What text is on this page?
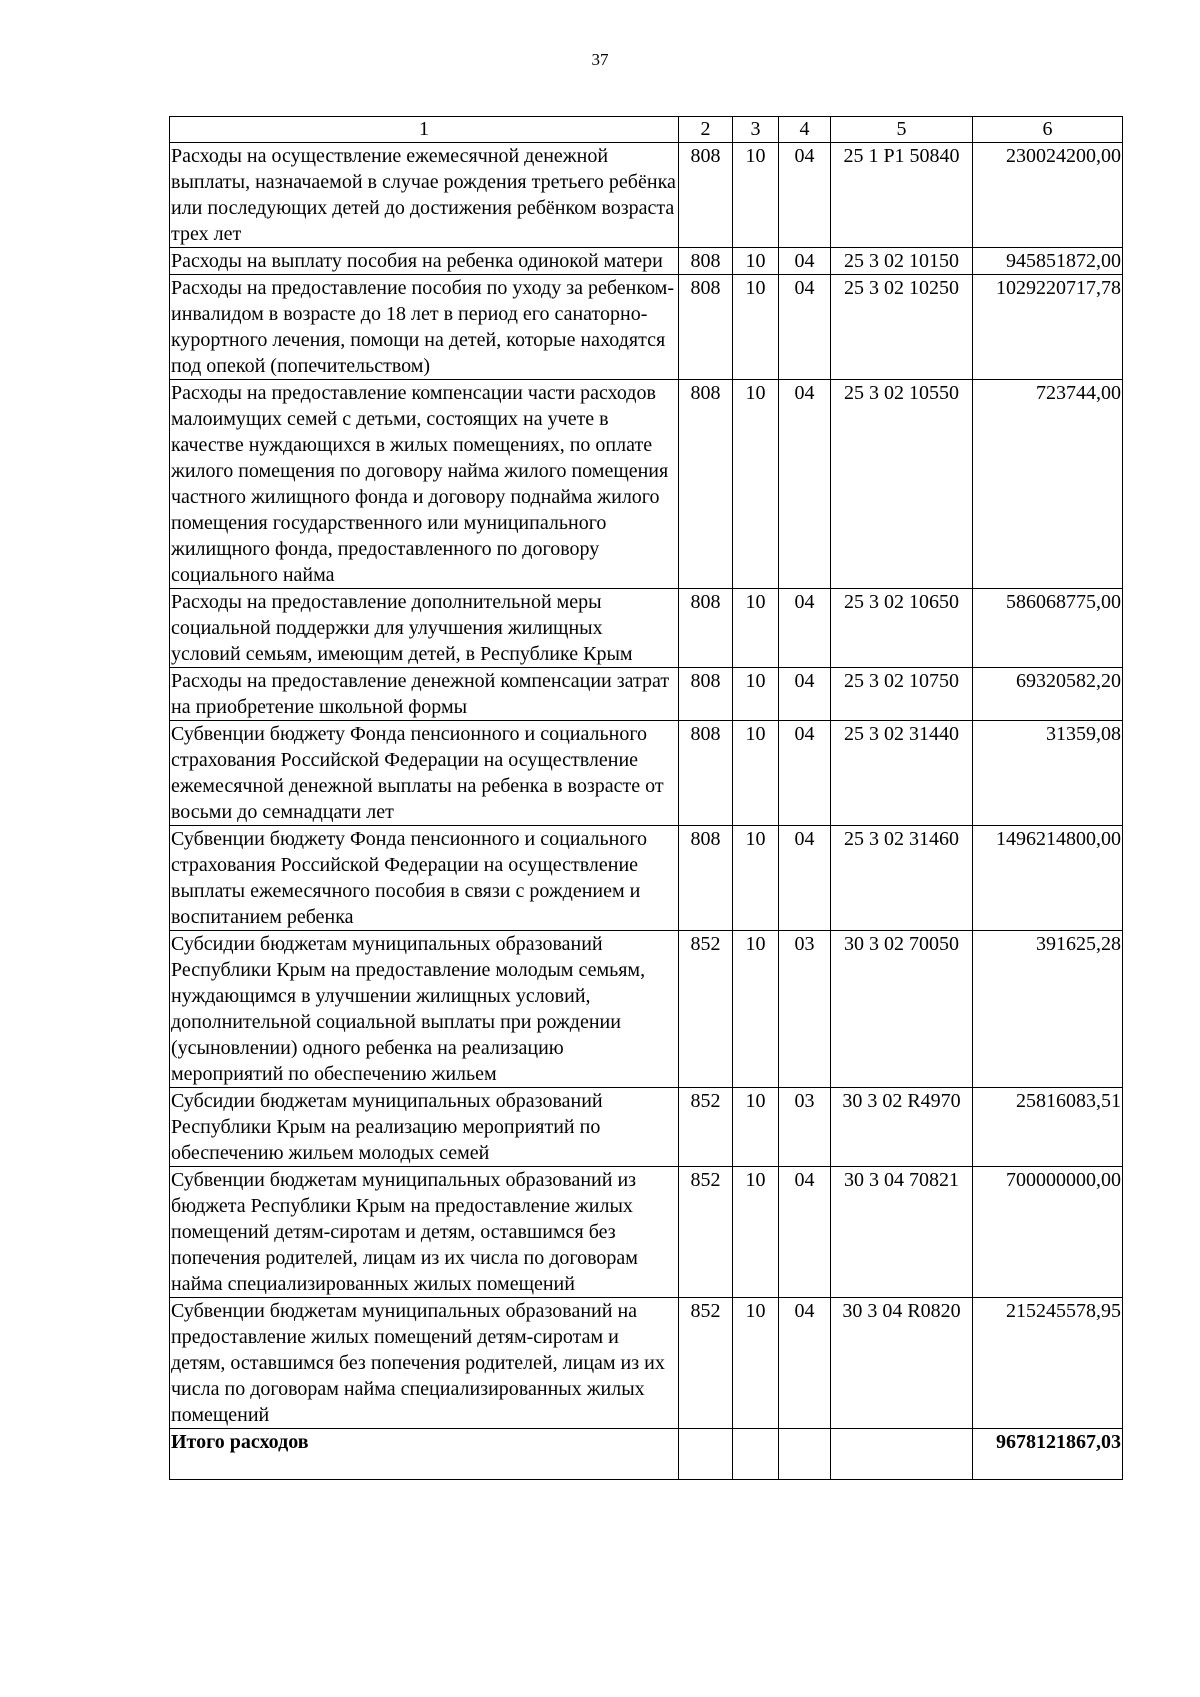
37
1	2	3	4	5	6
Расходы на осуществление ежемесячной денежной выплаты, назначаемой в случае рождения третьего ребёнка или последующих детей до достижения ребёнком возраста трех лет	808	10	04	25 1 P1 50840	230024200,00
Расходы на выплату пособия на ребенка одинокой матери	808	10	04	25 3 02 10150	945851872,00
Расходы на предоставление пособия по уходу за ребенком-инвалидом в возрасте до 18 лет в период его санаторно-курортного лечения, помощи на детей, которые находятся под опекой (попечительством)	808	10	04	25 3 02 10250	1029220717,78
Расходы на предоставление компенсации части расходов малоимущих семей с детьми, состоящих на учете в качестве нуждающихся в жилых помещениях, по оплате жилого помещения по договору найма жилого помещения частного жилищного фонда и договору поднайма жилого помещения государственного или муниципального жилищного фонда, предоставленного по договору социального найма	808	10	04	25 3 02 10550	723744,00
Расходы на предоставление дополнительной меры социальной поддержки для улучшения жилищных условий семьям, имеющим детей, в Республике Крым	808	10	04	25 3 02 10650	586068775,00
Расходы на предоставление денежной компенсации затрат на приобретение школьной формы	808	10	04	25 3 02 10750	69320582,20
Субвенции бюджету Фонда пенсионного и социального страхования Российской Федерации на осуществление ежемесячной денежной выплаты на ребенка в возрасте от восьми до семнадцати лет	808	10	04	25 3 02 31440	31359,08
Субвенции бюджету Фонда пенсионного и социального страхования Российской Федерации на осуществление выплаты ежемесячного пособия в связи с рождением и воспитанием ребенка	808	10	04	25 3 02 31460	1496214800,00
Субсидии бюджетам муниципальных образований Республики Крым на предоставление молодым семьям, нуждающимся в улучшении жилищных условий, дополнительной социальной выплаты при рождении (усыновлении) одного ребенка на реализацию мероприятий по обеспечению жильем	852	10	03	30 3 02 70050	391625,28
Субсидии бюджетам муниципальных образований Республики Крым на реализацию мероприятий по обеспечению жильем молодых семей	852	10	03	30 3 02 R4970	25816083,51
Субвенции бюджетам муниципальных образований из бюджета Республики Крым на предоставление жилых помещений детям-сиротам и детям, оставшимся без попечения родителей, лицам из их числа по договорам найма специализированных жилых помещений	852	10	04	30 3 04 70821	700000000,00
Субвенции бюджетам муниципальных образований на предоставление жилых помещений детям-сиротам и детям, оставшимся без попечения родителей, лицам из их числа по договорам найма специализированных жилых помещений	852	10	04	30 3 04 R0820	215245578,95
Итого расходов					9678121867,03
